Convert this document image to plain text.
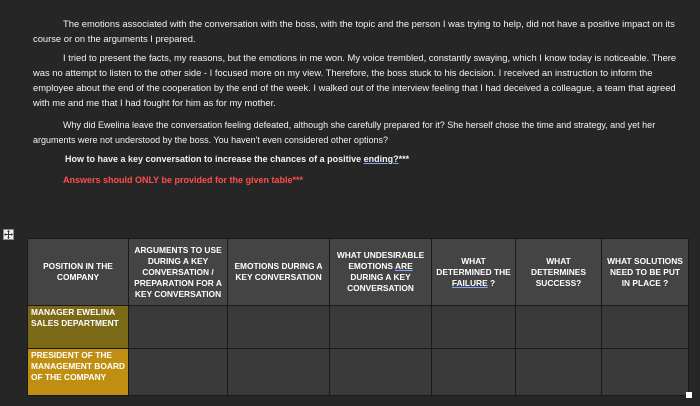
The emotions associated with the conversation with the boss, with the topic and the person I was trying to help, did not have a positive impact on its course or on the arguments I prepared.

I tried to present the facts, my reasons, but the emotions in me won. My voice trembled, constantly swaying, which I know today is noticeable. There was no attempt to listen to the other side - I focused more on my view. Therefore, the boss stuck to his decision. I received an instruction to inform the employee about the end of the cooperation by the end of the week. I walked out of the interview feeling that I had deceived a colleague, a team that agreed with me and me that I had fought for him as for my mother.

Why did Ewelina leave the conversation feeling defeated, although she carefully prepared for it? She herself chose the time and strategy, and yet her arguments were not understood by the boss. You haven't even considered other options?

How to have a key conversation to increase the chances of a positive ending?***
Answers should ONLY be provided for the given table***
POSITION IN THE COMPANY	ARGUMENTS TO USE DURING A KEY CONVERSATION / PREPARATION FOR A KEY CONVERSATION	EMOTIONS DURING A KEY CONVERSATION	WHAT UNDESIRABLE EMOTIONS ARE DURING A KEY CONVERSATION	WHAT DETERMINED THE FAILURE ?	WHAT DETERMINES SUCCESS?	WHAT SOLUTIONS NEED TO BE PUT IN PLACE ?
MANAGER EWELINA SALES DEPARTMENT						
PRESIDENT OF THE MANAGEMENT BOARD OF THE COMPANY						
